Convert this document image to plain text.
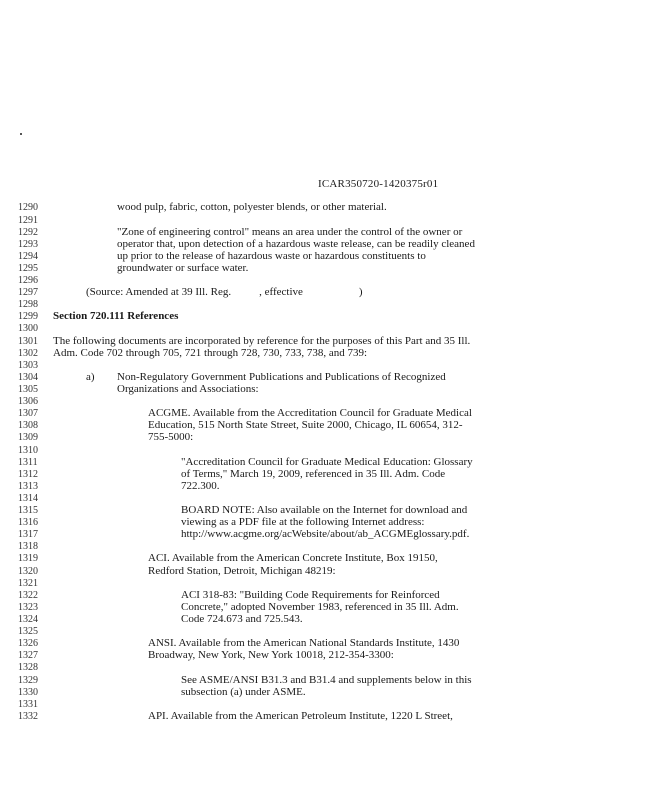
ICAR350720-1420375r01
1290	wood pulp, fabric, cotton, polyester blends, or other material.
1291
1292	"Zone of engineering control" means an area under the control of the owner or
1293	operator that, upon detection of a hazardous waste release, can be readily cleaned
1294	up prior to the release of hazardous waste or hazardous constituents to
1295	groundwater or surface water.
1296
1297	(Source: Amended at 39 Ill. Reg.	, effective	)
1298
1299	Section 720.111 References
1300
1301	The following documents are incorporated by reference for the purposes of this Part and 35 Ill.
1302	Adm. Code 702 through 705, 721 through 728, 730, 733, 738, and 739:
1303
1304	a) Non-Regulatory Government Publications and Publications of Recognized
1305	Organizations and Associations:
1306
1307	ACGME. Available from the Accreditation Council for Graduate Medical
1308	Education, 515 North State Street, Suite 2000, Chicago, IL 60654, 312-
1309	755-5000:
1310
1311	"Accreditation Council for Graduate Medical Education: Glossary
1312	of Terms," March 19, 2009, referenced in 35 Ill. Adm. Code
1313	722.300.
1314
1315	BOARD NOTE: Also available on the Internet for download and
1316	viewing as a PDF file at the following Internet address:
1317	http://www.acgme.org/acWebsite/about/ab_ACGMEglossary.pdf.
1318
1319	ACI. Available from the American Concrete Institute, Box 19150,
1320	Redford Station, Detroit, Michigan 48219:
1321
1322	ACI 318-83: "Building Code Requirements for Reinforced
1323	Concrete," adopted November 1983, referenced in 35 Ill. Adm.
1324	Code 724.673 and 725.543.
1325
1326	ANSI. Available from the American National Standards Institute, 1430
1327	Broadway, New York, New York 10018, 212-354-3300:
1328
1329	See ASME/ANSI B31.3 and B31.4 and supplements below in this
1330	subsection (a) under ASME.
1331
1332	API. Available from the American Petroleum Institute, 1220 L Street,
